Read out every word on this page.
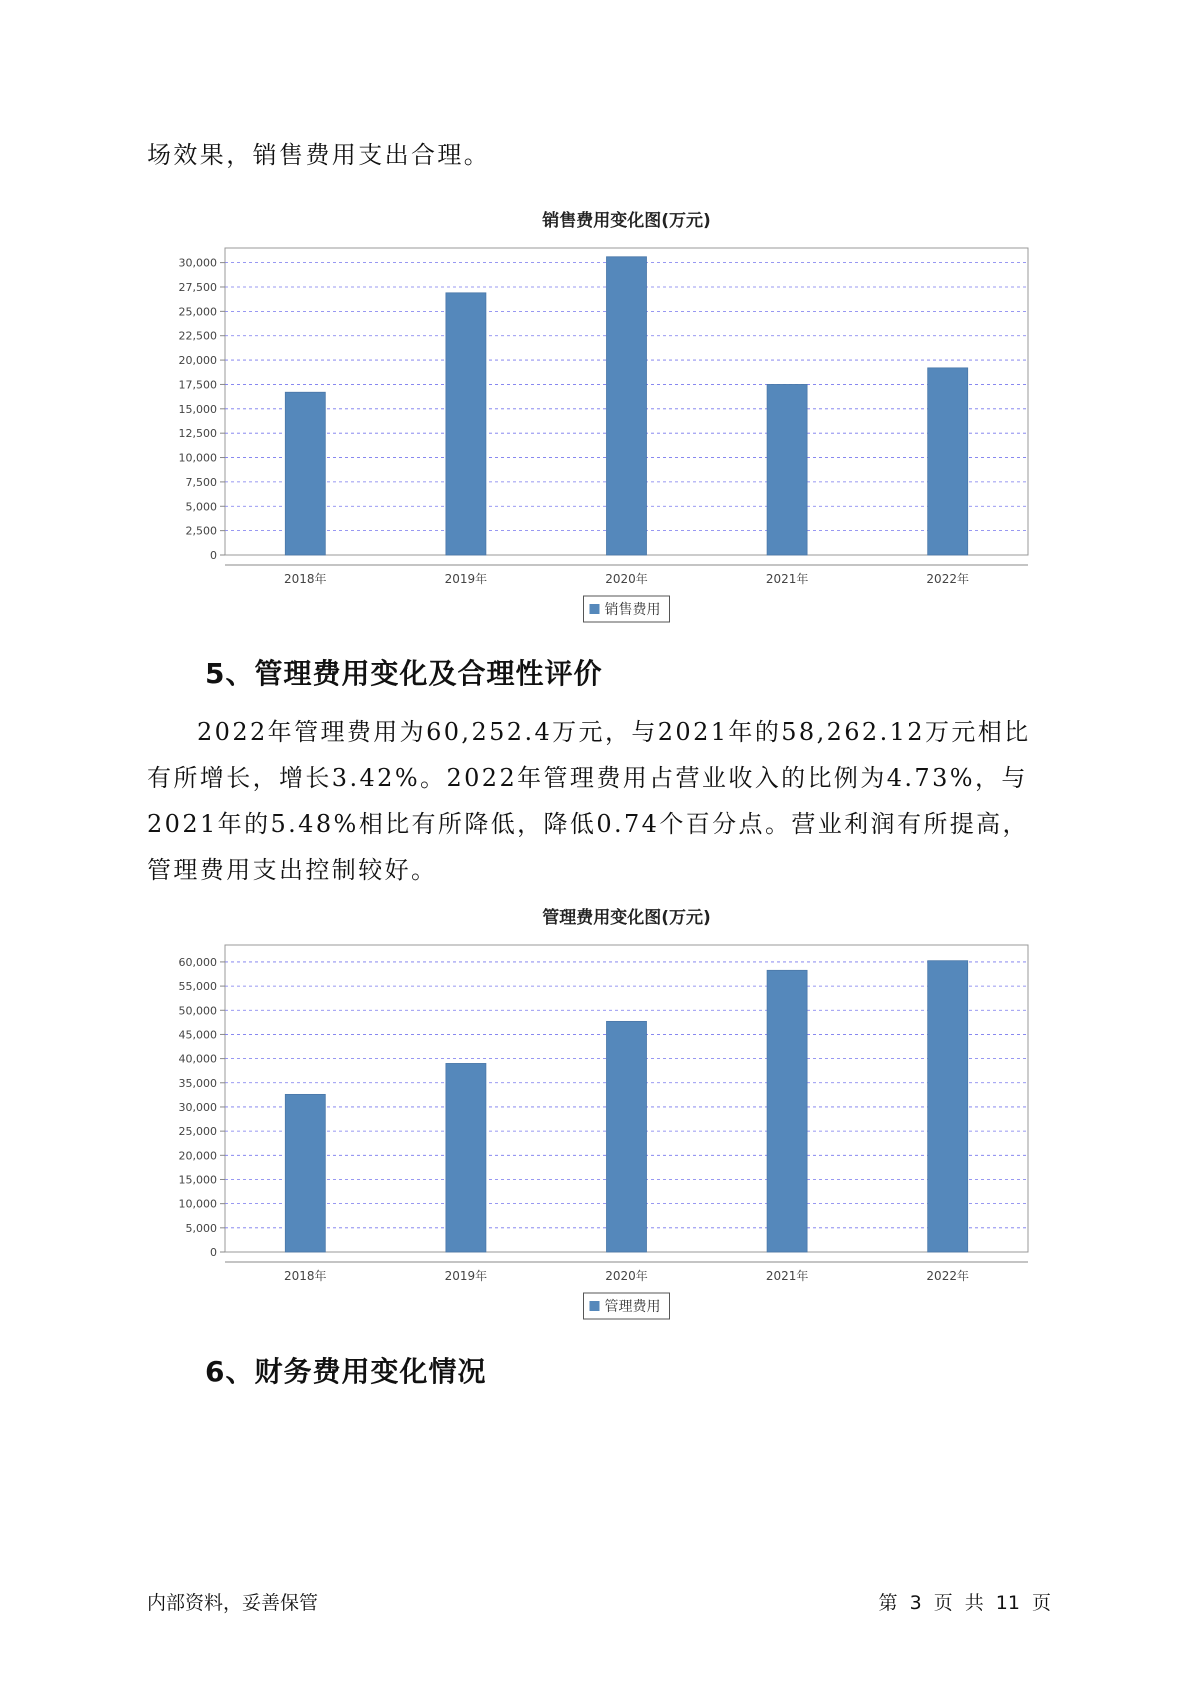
场效果，销售费用支出合理。

销售费用变化图(万元)
0
2,500
5,000
7,500
10,000
12,500
15,000
17,500
20,000
22,500
25,000
27,500
30,000
2018年	2019年	2020年	2021年	2022年
销售费用
5、管理费用变化及合理性评价

2022年管理费用为60,252.4万元，与2021年的58,262.12万元相比有所增长，增长3.42%。2022年管理费用占营业收入的比例为4.73%，与2021年的5.48%相比有所降低，降低0.74个百分点。营业利润有所提高，管理费用支出控制较好。

管理费用变化图(万元)
0
5,000
10,000
15,000
20,000
25,000
30,000
35,000
40,000
45,000
50,000
55,000
60,000
2018年	2019年	2020年	2021年	2022年
管理费用
6、财务费用变化情况
内部资料，妥善保管	第 3 页 共 11 页
